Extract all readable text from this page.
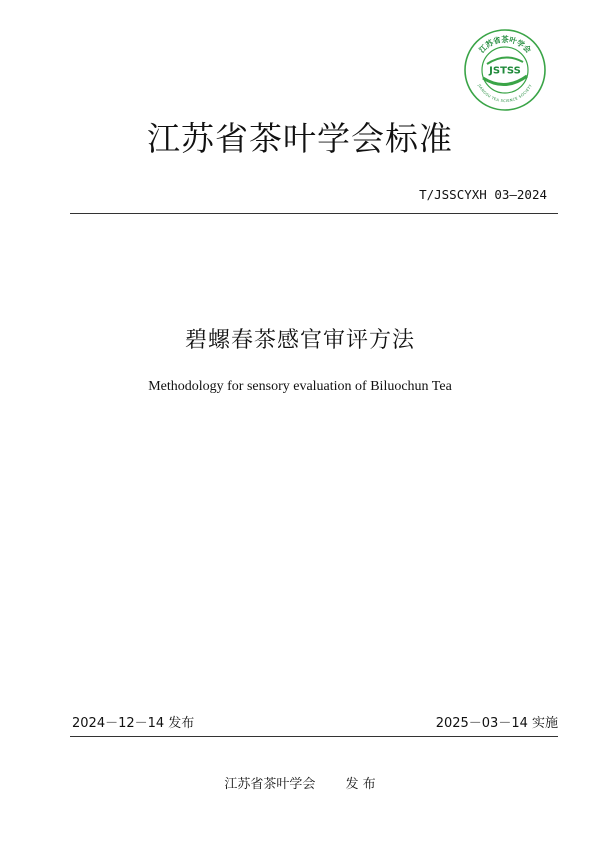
江苏省茶叶学会
JSTSS
JIANGSU TEA SCIENCE SOCIETY
江苏省茶叶学会标准
T/JSSCYXH 03—2024
碧螺春茶感官审评方法
Methodology for sensory evaluation of Biluochun Tea
2024－12－14 发布	2025－03－14 实施
江苏省茶叶学会 发 布
